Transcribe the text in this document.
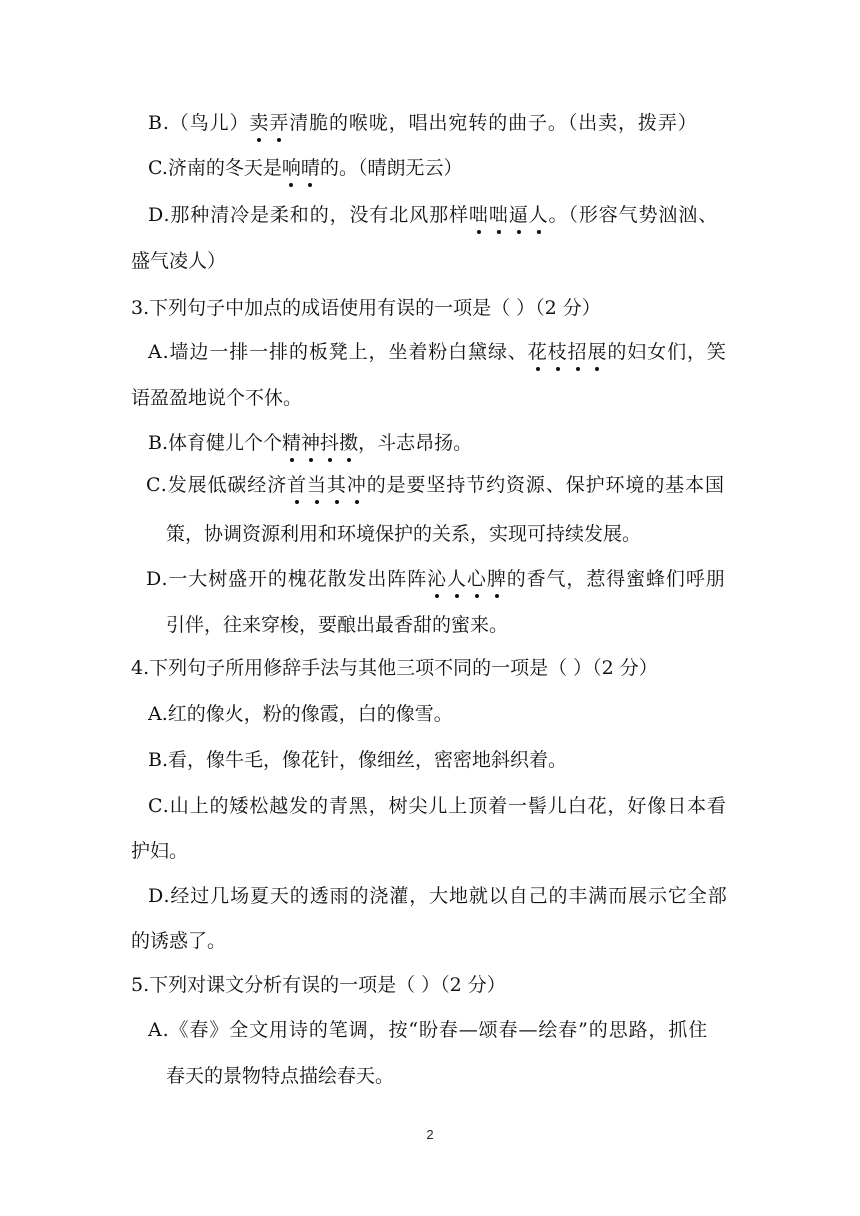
B.（鸟儿）卖弄清脆的喉咙，唱出宛转的曲子。（出卖，拨弄）
C.济南的冬天是响晴的。（晴朗无云）
D.那种清冷是柔和的，没有北风那样咄咄逼人。（形容气势汹汹、
盛气凌人）
3.下列句子中加点的成语使用有误的一项是（ ）（2 分）
A.墙边一排一排的板凳上，坐着粉白黛绿、花枝招展的妇女们，笑
语盈盈地说个不休。
B.体育健儿个个精神抖擞，斗志昂扬。
C.发展低碳经济首当其冲的是要坚持节约资源、保护环境的基本国
策，协调资源利用和环境保护的关系，实现可持续发展。
D.一大树盛开的槐花散发出阵阵沁人心脾的香气，惹得蜜蜂们呼朋
引伴，往来穿梭，要酿出最香甜的蜜来。
4.下列句子所用修辞手法与其他三项不同的一项是（ ）（2 分）
A.红的像火，粉的像霞，白的像雪。
B.看，像牛毛，像花针，像细丝，密密地斜织着。
C.山上的矮松越发的青黑，树尖儿上顶着一髻儿白花，好像日本看
护妇。
D.经过几场夏天的透雨的浇灌，大地就以自己的丰满而展示它全部
的诱惑了。
5.下列对课文分析有误的一项是（ ）（2 分）
A.《春》全文用诗的笔调，按“盼春—颂春—绘春”的思路，抓住
春天的景物特点描绘春天。
2
